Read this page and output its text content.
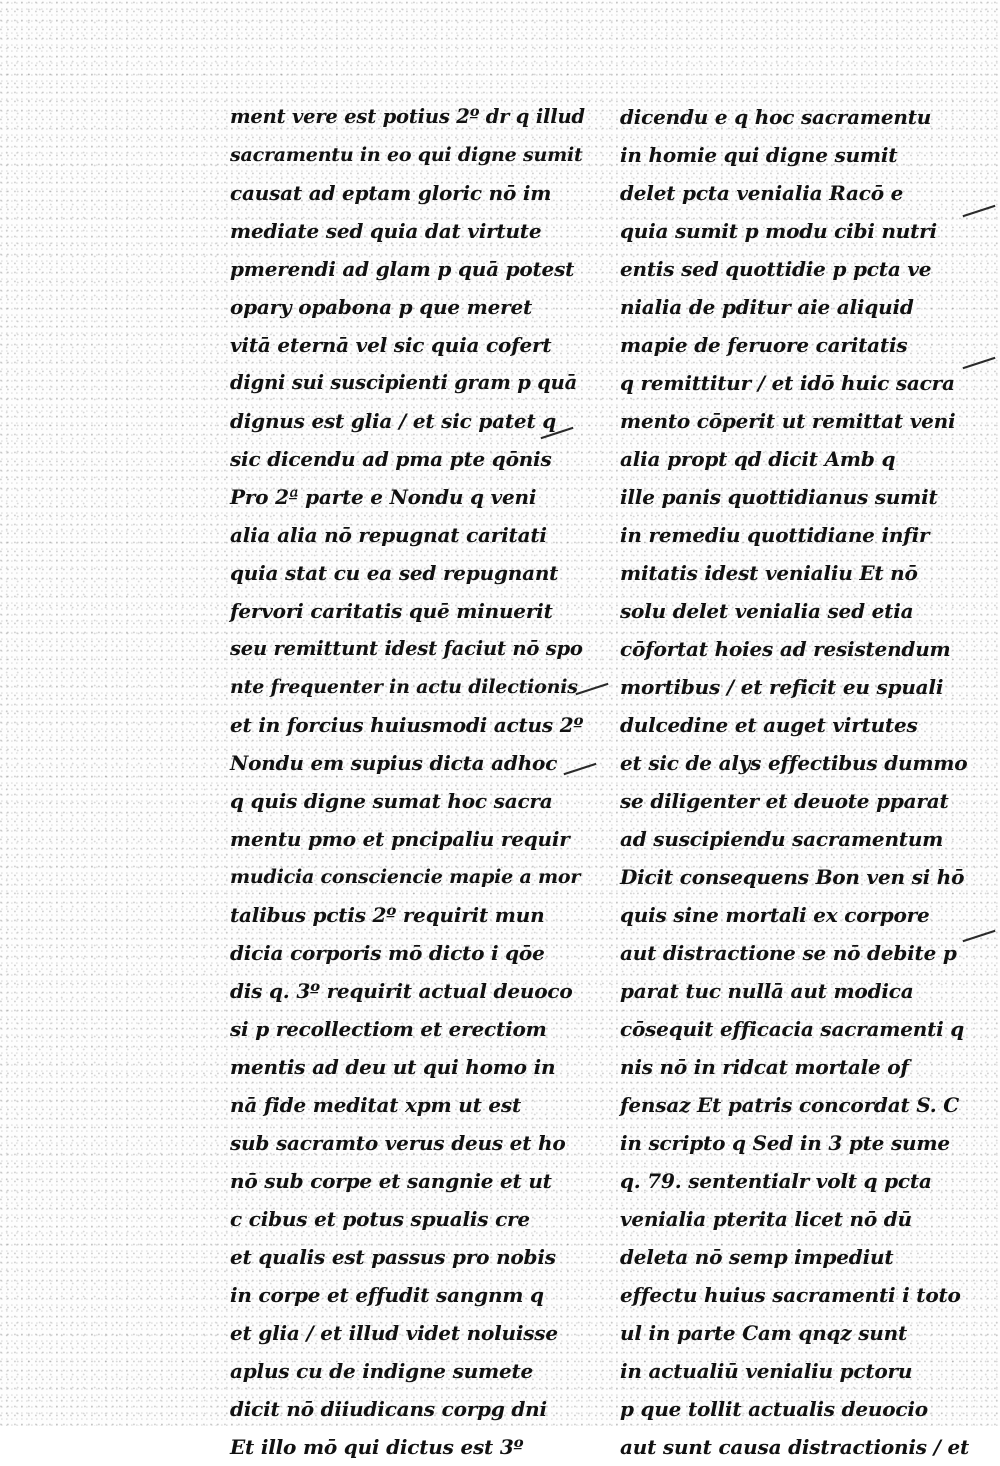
ment vere est potius 2º dr q illud
sacramentu in eo qui digne sumit
causat ad eptam gloric nō im
mediate sed quia dat virtute
pmerendi ad glam p quā potest
opary opabona p que meret
vitā eternā vel sic quia cofert
digni sui suscipienti gram p quā
dignus est glia / et sic patet q
sic dicendu ad pma pte qōnis
Pro 2ª parte e Nondu q veni
alia alia nō repugnat caritati
quia stat cu ea sed repugnant
fervori caritatis quē minuerit
seu remittunt idest faciut nō spo
nte frequenter in actu dilectionis
et in forcius huiusmodi actus 2º
Nondu em supius dicta adhoc
q quis digne sumat hoc sacra
mentu pmo et pncipaliu requir
mudicia consciencie mapie a mor
talibus pctis 2º requirit mun
dicia corporis mō dicto i qōe
dis q. 3º requirit actual deuoco
si p recollectiom et erectiom
mentis ad deu ut qui homo in
nā fide meditat xpm ut est
sub sacramto verus deus et ho
nō sub corpe et sangnie et ut
c cibus et potus spualis cre
et qualis est passus pro nobis
in corpe et effudit sangnm q
et glia / et illud videt noluisse
aplus cu de indigne sumete
dicit nō diiudicans corpg dni
Et illo mō qui dictus est 3º
dicendu e q hoc sacramentu
in homie qui digne sumit
delet pcta venialia Racō e
quia sumit p modu cibi nutri
entis sed quottidie p pcta ve
nialia de pditur aie aliquid
mapie de feruore caritatis
q remittitur / et idō huic sacra
mento cōperit ut remittat veni
alia propt qd dicit Amb q
ille panis quottidianus sumit
in remediu quottidiane infir
mitatis idest venialiu Et nō
solu delet venialia sed etia
cōfortat hoies ad resistendum
mortibus / et reficit eu spuali
dulcedine et auget virtutes
et sic de alys effectibus dummo
se diligenter et deuote pparat
ad suscipiendu sacramentum
Dicit consequens Bon ven si hō
quis sine mortali ex corpore
aut distractione se nō debite p
parat tuc nullā aut modica
cōsequit efficacia sacramenti q
nis nō in ridcat mortale of
fensaz Et patris concordat S. C
in scripto q Sed in 3 pte sume
q. 79. sententialr volt q pcta
venialia pterita licet nō dū
deleta nō semp impediut
effectu huius sacramenti i toto
ul in parte Cam qnqz sunt
in actualiū venialiu pctoru
p que tollit actualis deuocio
aut sunt causa distractionis / et
